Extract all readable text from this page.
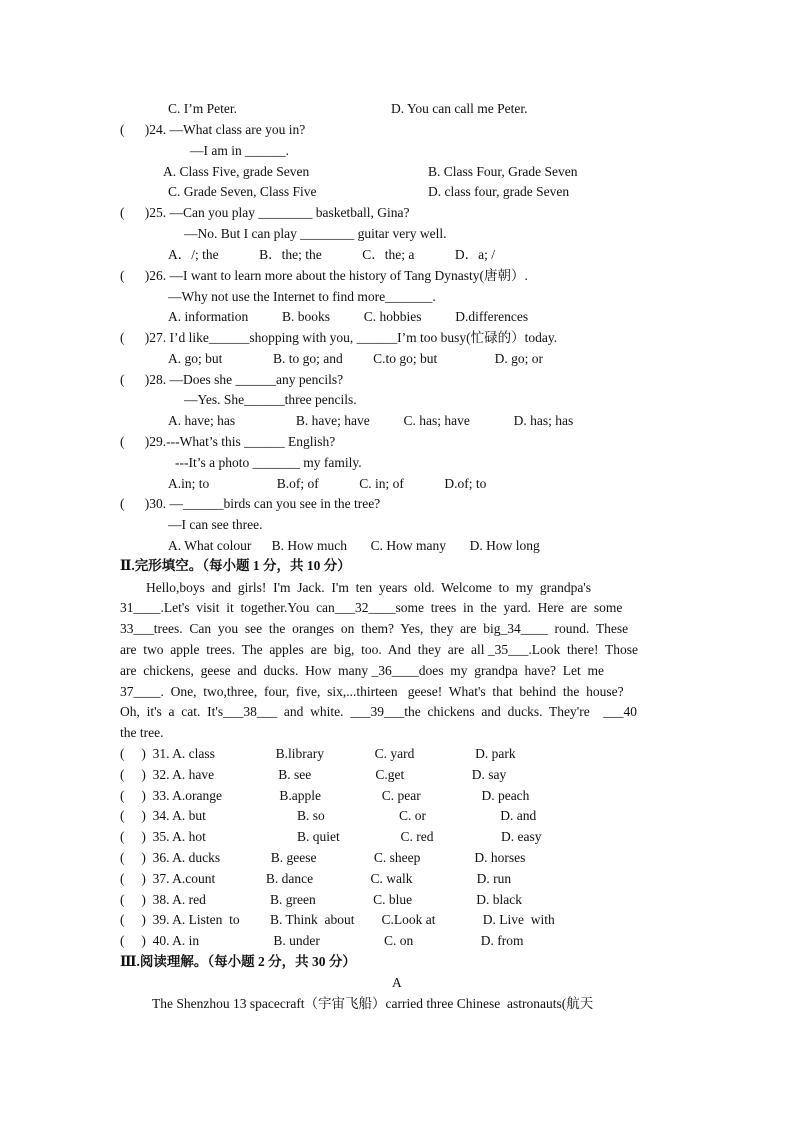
C. I’m Peter.	D. You can call me Peter.
(      )24. —What class are you in?
—I am in ______.
A. Class Five, grade Seven	B. Class Four, Grade Seven
C. Grade Seven, Class Five	D. class four, grade Seven
(      )25. —Can you play ________ basketball, Gina?
—No. But I can play ________ guitar very well.
A．/; the            B．the; the            C．the; a            D．a; /
(      )26. —I want to learn more about the history of Tang Dynasty(唐朝）.
—Why not use the Internet to find more_______.
A. information          B. books          C. hobbies          D.differences
(      )27. I’d like______shopping with you, ______I’m too busy(忙碌的）today.
A. go; but               B. to go; and         C.to go; but                 D. go; or
(      )28. —Does she ______any pencils?
—Yes. She______three pencils.
A. have; has                  B. have; have          C. has; have             D. has; has
(      )29.---What’s this ______ English?
---It’s a photo _______ my family.
A.in; to                    B.of; of            C. in; of            D.of; to
(      )30. —______birds can you see in the tree?
—I can see three.
A. What colour      B. How much       C. How many       D. How long
Ⅱ.完形填空。（每小题 1 分，共 10 分）
Hello,boys  and  girls!  I'm  Jack.  I'm  ten  years  old.  Welcome  to  my  grandpa's
31____.Let's  visit  it  together.You  can___32____some  trees  in  the  yard.  Here  are  some
33___trees.  Can  you  see  the  oranges  on  them?  Yes,  they  are  big_34____  round.  These
are  two  apple  trees.  The  apples  are  big,  too.  And  they  are  all _35___.Look  there!  Those
are  chickens,  geese  and  ducks.  How  many _36____does  my  grandpa  have?  Let  me
37____.  One,  two,three,  four,  five,  six,...thirteen   geese!  What's  that  behind  the  house?
Oh,  it's  a  cat.  It's___38___  and  white.  ___39___the  chickens  and  ducks.  They're    ___40
the tree.
(     )  31. A. class                  B.library               C. yard                  D. park
(     )  32. A. have                   B. see                   C.get                    D. say
(     )  33. A.orange                 B.apple                  C. pear                  D. peach
(     )  34. A. but                           B. so                      C. or                      D. and
(     )  35. A. hot                           B. quiet                  C. red                    D. easy
(     )  36. A. ducks               B. geese                 C. sheep                D. horses
(     )  37. A.count               B. dance                 C. walk                   D. run
(     )  38. A. red                   B. green                 C. blue                   D. black
(     )  39. A. Listen  to         B. Think  about        C.Look at              D. Live  with
(     )  40. A. in                      B. under                   C. on                    D. from
Ⅲ.阅读理解。（每小题 2 分，共 30 分）
A
The Shenzhou 13 spacecraft（宇宙飞船）carried three Chinese  astronauts(航天
